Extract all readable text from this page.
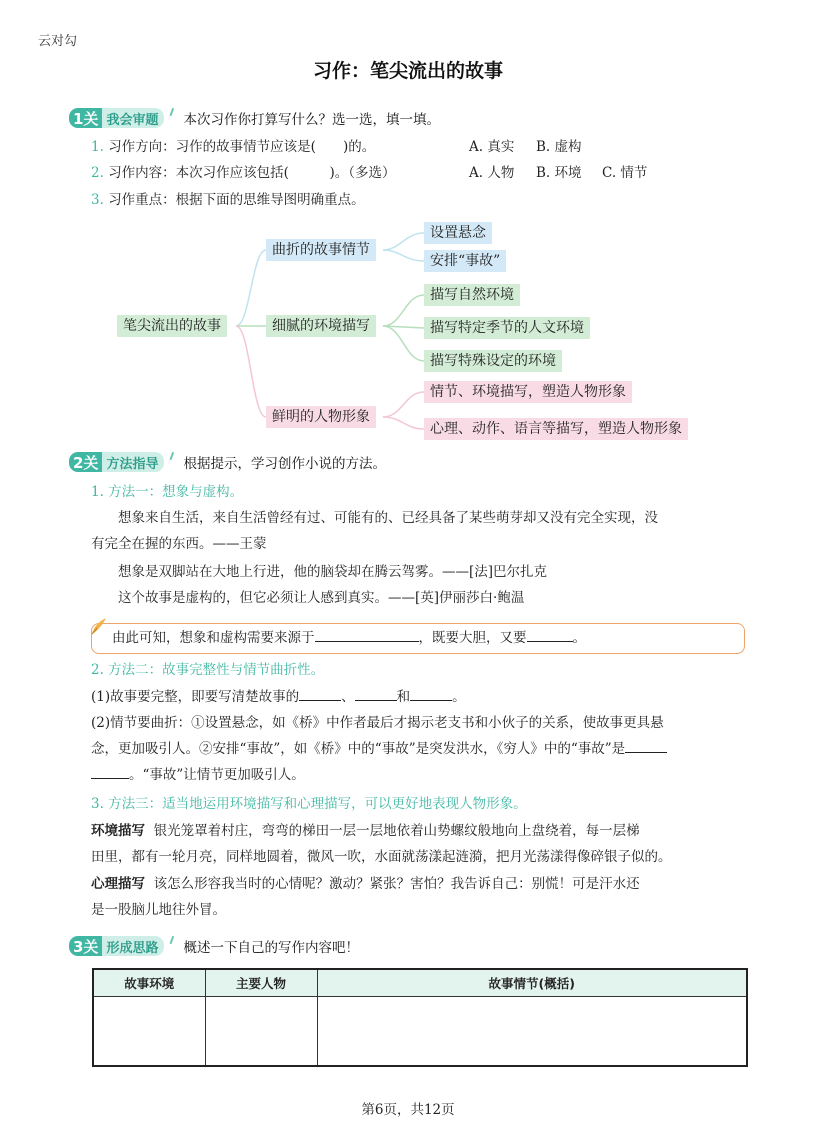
云对勾
习作：笔尖流出的故事
1关 我会审题	本次习作你打算写什么？选一选，填一填。
1. 习作方向：习作的故事情节应该是(　　)的。	A. 真实 B. 虚构
2. 习作内容：本次习作应该包括(　　　)。（多选）	A. 人物 B. 环境 C. 情节
3. 习作重点：根据下面的思维导图明确重点。
笔尖流出的故事
曲折的故事情节
细腻的环境描写
鲜明的人物形象
设置悬念
安排“事故”
描写自然环境
描写特定季节的人文环境
描写特殊设定的环境
情节、环境描写，塑造人物形象
心理、动作、语言等描写，塑造人物形象
2关 方法指导	根据提示，学习创作小说的方法。
1. 方法一：想象与虚构。
想象来自生活，来自生活曾经有过、可能有的、已经具备了某些萌芽却又没有完全实现，没
有完全在握的东西。——王蒙
想象是双脚站在大地上行进，他的脑袋却在腾云驾雾。——[法]巴尔扎克
这个故事是虚构的，但它必须让人感到真实。——[英]伊丽莎白·鲍温
由此可知，想象和虚构需要来源于	，既要大胆，又要	。
2. 方法二：故事完整性与情节曲折性。
(1)故事要完整，即要写清楚故事的	、	和	。
(2)情节要曲折：①设置悬念，如《桥》中作者最后才揭示老支书和小伙子的关系，使故事更具悬
念，更加吸引人。②安排“事故”，如《桥》中的“事故”是突发洪水，《穷人》中的“事故”是
。“事故”让情节更加吸引人。
3. 方法三：适当地运用环境描写和心理描写，可以更好地表现人物形象。
环境描写 银光笼罩着村庄，弯弯的梯田一层一层地依着山势螺纹般地向上盘绕着，每一层梯
田里，都有一轮月亮，同样地圆着，微风一吹，水面就荡漾起涟漪，把月光荡漾得像碎银子似的。
心理描写 该怎么形容我当时的心情呢？激动？紧张？害怕？我告诉自己：别慌！可是汗水还
是一股脑儿地往外冒。
3关 形成思路	概述一下自己的写作内容吧！
故事环境	主要人物	故事情节(概括)

第6页，共12页
